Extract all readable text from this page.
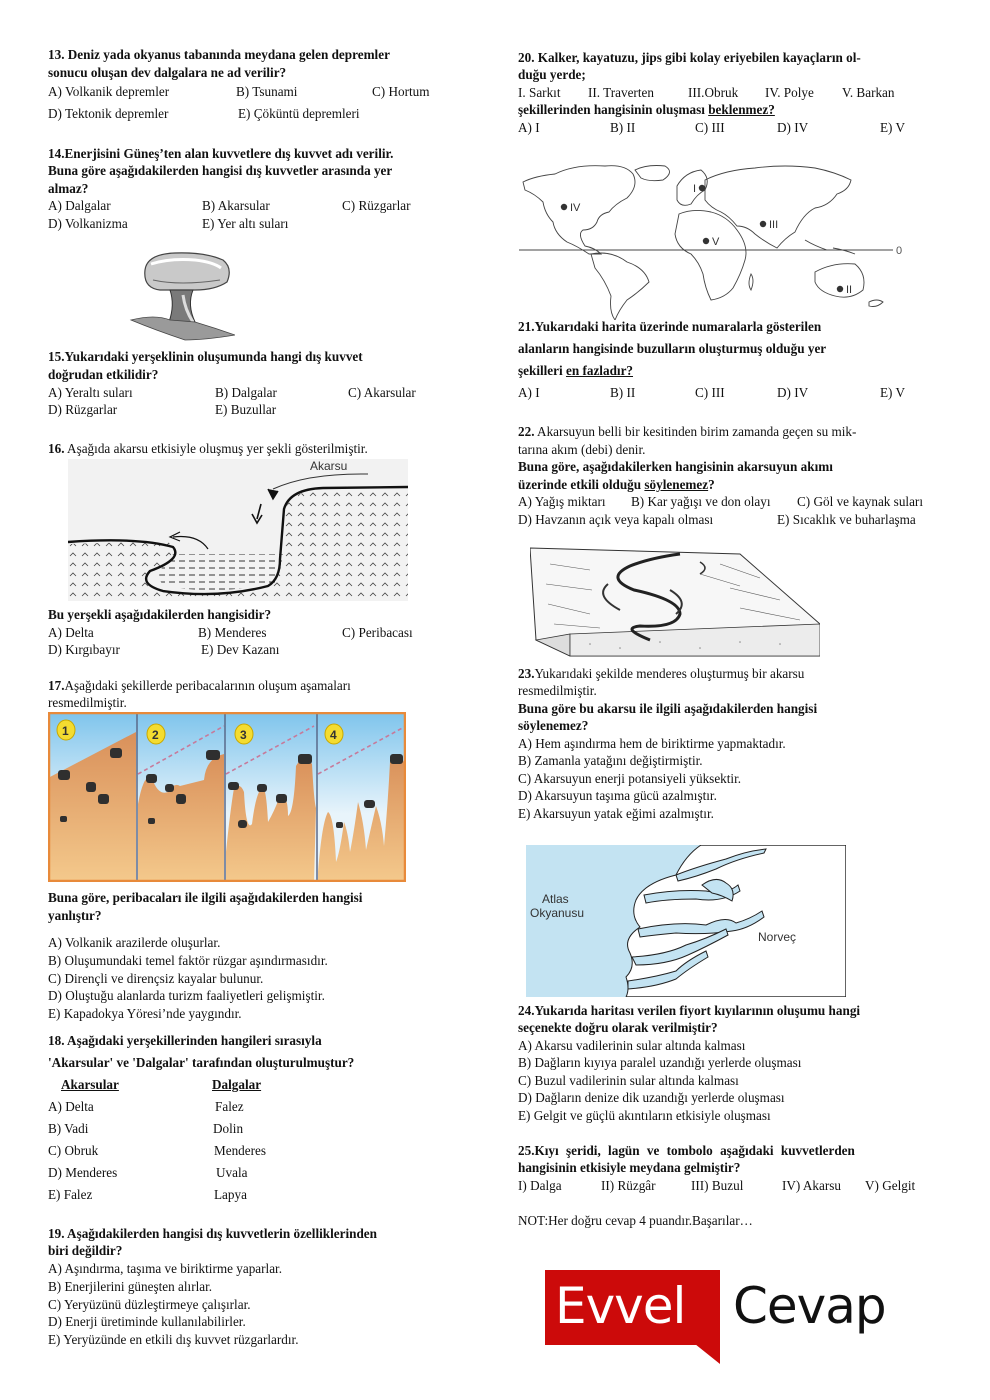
13. Deniz yada okyanus tabanında meydana gelen depremler
sonucu oluşan dev dalgalara ne ad verilir?
A) Volkanik depremler	B) Tsunami	C) Hortum
D) Tektonik depremler	E) Çöküntü depremleri
14.Enerjisini Güneş’ten alan kuvvetlere dış kuvvet adı verilir.
Buna göre aşağıdakilerden hangisi dış kuvvetler arasında yer
almaz?
A) Dalgalar	B) Akarsular	C) Rüzgarlar
D) Volkanizma	E) Yer altı suları
15.Yukarıdaki yerşeklinin oluşumunda hangi dış kuvvet
doğrudan etkilidir?
A) Yeraltı suları	B) Dalgalar	C) Akarsular
D) Rüzgarlar	E) Buzullar
16. Aşağıda akarsu etkisiyle oluşmuş yer şekli gösterilmiştir.
Akarsu
Bu yerşekli aşağıdakilerden hangisidir?
A) Delta	B) Menderes	C) Peribacası
D) Kırgıbayır	E) Dev Kazanı
17.Aşağıdaki şekillerde peribacalarının oluşum aşamaları
resmedilmiştir.
1	2	3	4
Buna göre, peribacaları ile ilgili aşağıdakilerden hangisi
yanlıştır?
A) Volkanik arazilerde oluşurlar.
B) Oluşumundaki temel faktör rüzgar aşındırmasıdır.
C) Dirençli ve dirençsiz kayalar bulunur.
D) Oluştuğu alanlarda turizm faaliyetleri gelişmiştir.
E) Kapadokya Yöresi’nde yaygındır.
18. Aşağıdaki yerşekillerinden hangileri sırasıyla
'Akarsular' ve 'Dalgalar' tarafından oluşturulmuştur?
Akarsular	Dalgalar
A) Delta	Falez
B) Vadi	Dolin
C) Obruk	Menderes
D) Menderes	Uvala
E) Falez	Lapya
19. Aşağıdakilerden hangisi dış kuvvetlerin özelliklerinden
biri değildir?
A) Aşındırma, taşıma ve biriktirme yaparlar.
B) Enerjilerini güneşten alırlar.
C) Yeryüzünü düzleştirmeye çalışırlar.
D) Enerji üretiminde kullanılabilirler.
E) Yeryüzünde en etkili dış kuvvet rüzgarlardır.
20. Kalker, kayatuzu, jips gibi kolay eriyebilen kayaçların ol-
duğu yerde;
I. Sarkıt II. Traverten	III.Obruk IV. Polye V. Barkan
şekillerinden hangisinin oluşması beklenmez?
A) I	B) II	C) III	D) IV	E) V
I
II
III
IV
V
0
21.Yukarıdaki harita üzerinde numaralarla gösterilen
alanların hangisinde buzulların oluşturmuş olduğu yer
şekilleri en fazladır?
A) I	B) II	C) III	D) IV	E) V
22. Akarsuyun belli bir kesitinden birim zamanda geçen su mik-
tarına akım (debi) denir.
Buna göre, aşağıdakilerken hangisinin akarsuyun akımı
üzerinde etkili olduğu söylenemez?
A) Yağış miktarı B) Kar yağışı ve don olayı C) Göl ve kaynak suları
D) Havzanın açık veya kapalı olması	E) Sıcaklık ve buharlaşma
23.Yukarıdaki şekilde menderes oluşturmuş bir akarsu
resmedilmiştir.
Buna göre bu akarsu ile ilgili aşağıdakilerden hangisi
söylenemez?
A) Hem aşındırma hem de biriktirme yapmaktadır.
B) Zamanla yatağını değiştirmiştir.
C) Akarsuyun enerji potansiyeli yüksektir.
D) Akarsuyun taşıma gücü azalmıştır.
E) Akarsuyun yatak eğimi azalmıştır.
Atlas
Okyanusu
Norveç
24.Yukarıda haritası verilen fiyort kıyılarının oluşumu hangi
seçenekte doğru olarak verilmiştir?
A) Akarsu vadilerinin sular altında kalması
B) Dağların kıyıya paralel uzandığı yerlerde oluşması
C) Buzul vadilerinin sular altında kalması
D) Dağların denize dik uzandığı yerlerde oluşması
E) Gelgit ve güçlü akıntıların etkisiyle oluşması
25.Kıyı şeridi, lagün ve tombolo aşağıdaki kuvvetlerden
hangisinin etkisiyle meydana gelmiştir?
I) Dalga	II) Rüzgâr	III) Buzul	IV) Akarsu V) Gelgit
NOT:Her doğru cevap 4 puandır.Başarılar…
Evvel Cevap
